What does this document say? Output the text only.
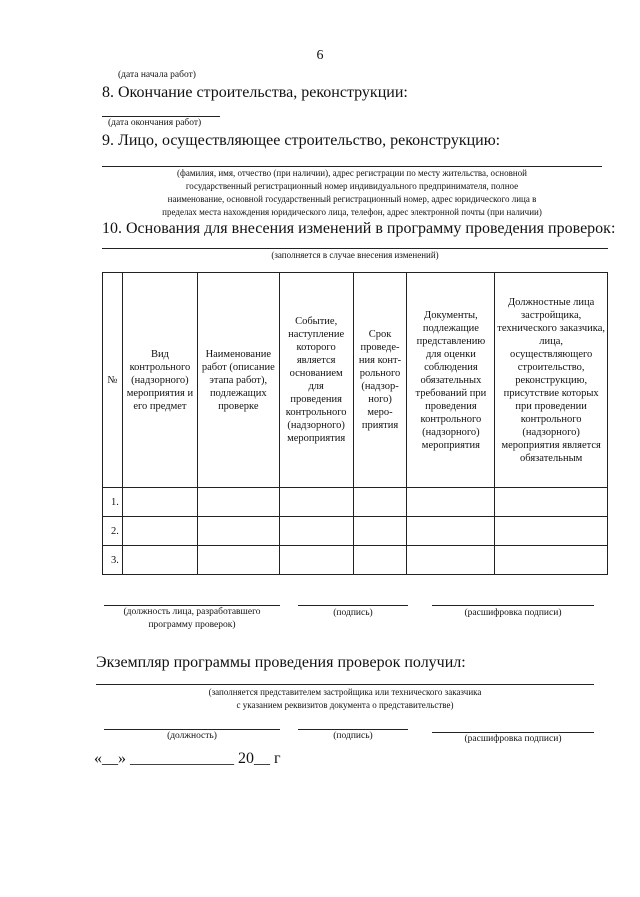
6
(дата начала работ)
8. Окончание строительства, реконструкции:
(дата окончания работ)
9. Лицо, осуществляющее строительство, реконструкцию:
(фамилия, имя, отчество (при наличии), адрес регистрации по месту жительства, основной
государственный регистрационный номер индивидуального предпринимателя, полное
наименование, основной государственный регистрационный номер, адрес юридического лица в
пределах места нахождения юридического лица, телефон, адрес электронной почты (при наличии)
10. Основания для внесения изменений в программу проведения проверок:
(заполняется в случае внесения изменений)
№	Вид контрольного (надзорного) мероприятия и его предмет	Наименование работ (описание этапа работ), подлежащих проверке	Событие, наступление которого является основанием для проведения контрольного (надзорного) мероприятия	Срок проведе-ния конт-рольного (надзор-ного) меро-приятия	Документы, подлежащие представлению для оценки соблюдения обязательных требований при проведения контрольного (надзорного) мероприятия	Должностные лица застройщика, технического заказчика, лица, осуществляющего строительство, реконструкцию, присутствие которых при проведении контрольного (надзорного) мероприятия является обязательным
1.						
2.						
3.						
(должность лица, разработавшего
программу проверок)
(подпись)	(расшифровка подписи)
Экземпляр программы проведения проверок получил:
(заполняется представителем застройщика или технического заказчика
с указанием реквизитов документа о представительстве)
(должность)	(подпись)	(расшифровка подписи)
«__» _____________ 20__ г
